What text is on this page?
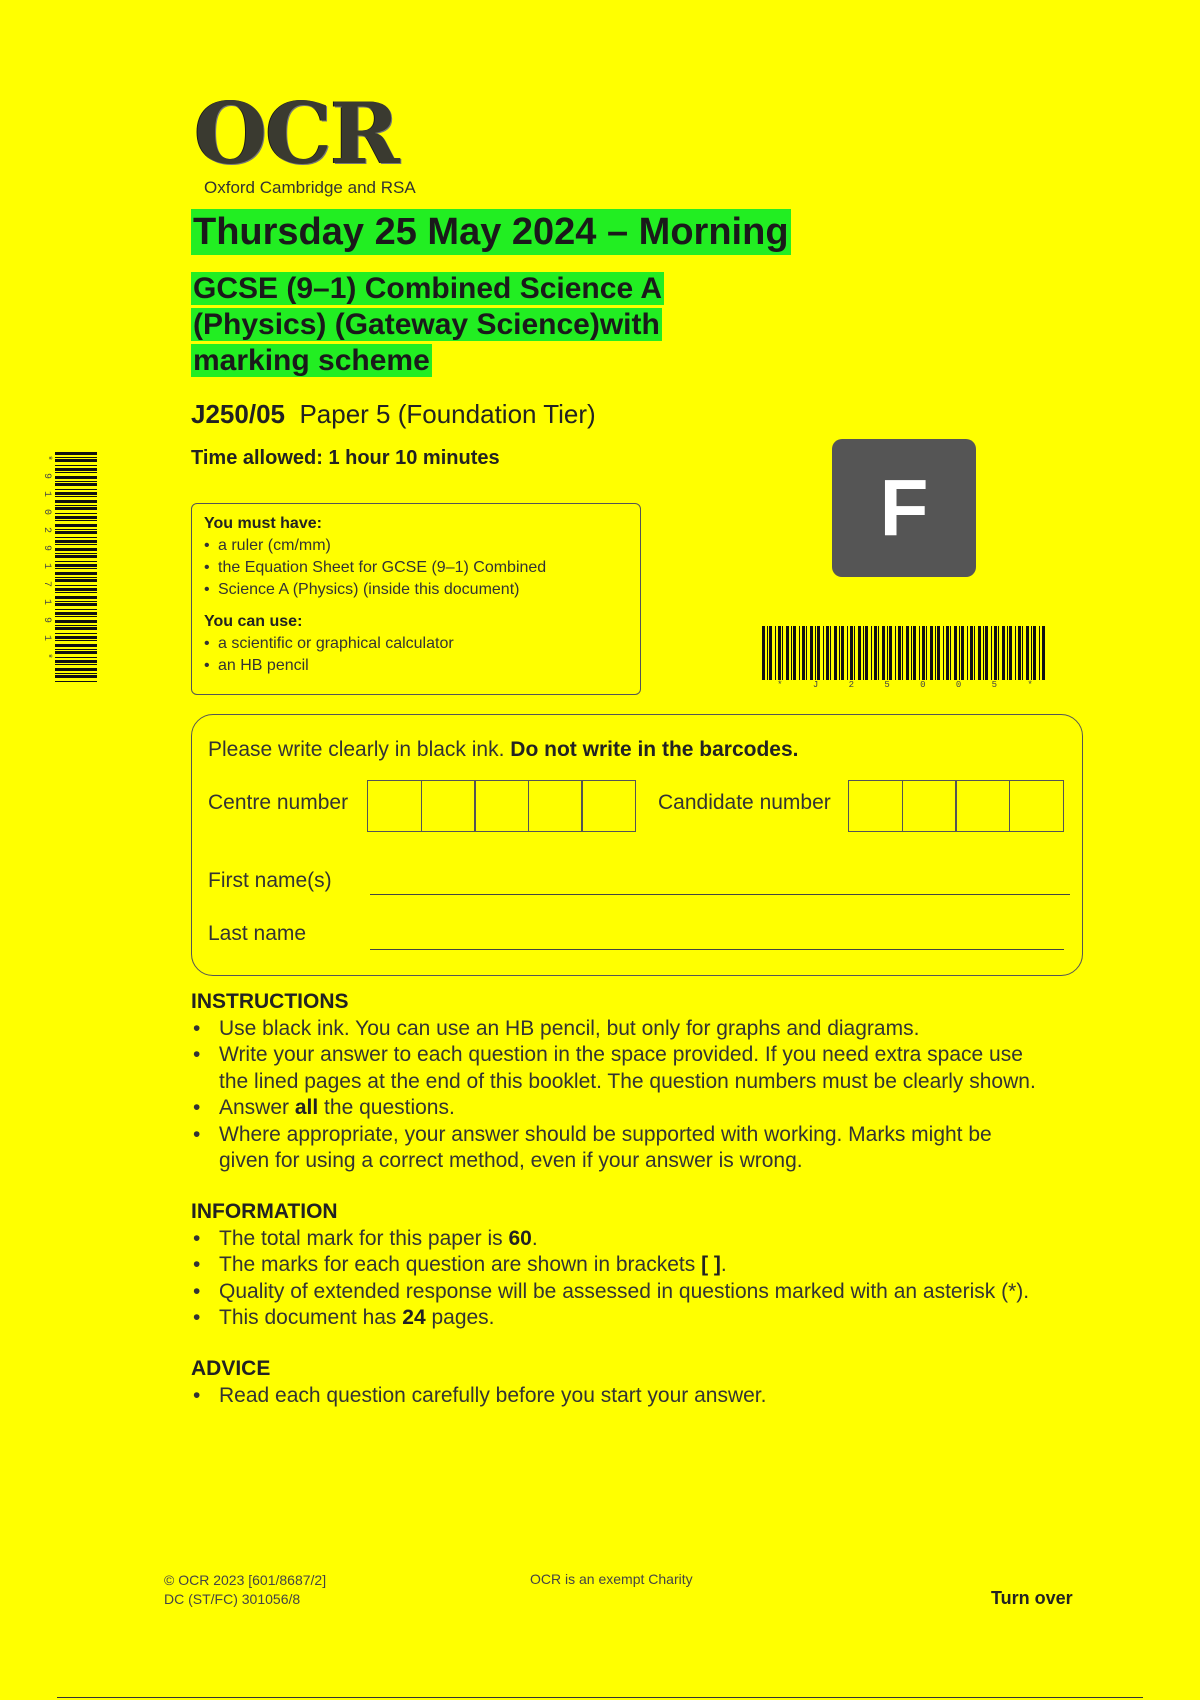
OCR
Oxford Cambridge and RSA
Thursday 25 May 2024 – Morning
GCSE (9–1) Combined Science A
(Physics) (Gateway Science)with
marking scheme
J250/05 Paper 5 (Foundation Tier)
Time allowed: 1 hour 10 minutes
F
* 9 1 0 2 9 1 7 1 9 1 *
*	J	2	5	0	0	5	*
You must have:
• a ruler (cm/mm)
• the Equation Sheet for GCSE (9–1) Combined
• Science A (Physics) (inside this document)
You can use:
• a scientific or graphical calculator
• an HB pencil
Please write clearly in black ink. Do not write in the barcodes.
Centre number	Candidate number
First name(s)
Last name
INSTRUCTIONS
• Use black ink. You can use an HB pencil, but only for graphs and diagrams.
• Write your answer to each question in the space provided. If you need extra space use
the lined pages at the end of this booklet. The question numbers must be clearly shown.
• Answer all the questions.
• Where appropriate, your answer should be supported with working. Marks might be
given for using a correct method, even if your answer is wrong.
INFORMATION
• The total mark for this paper is 60.
• The marks for each question are shown in brackets [ ].
• Quality of extended response will be assessed in questions marked with an asterisk (*).
• This document has 24 pages.
ADVICE
• Read each question carefully before you start your answer.
© OCR 2023 [601/8687/2]
DC (ST/FC) 301056/8
OCR is an exempt Charity
Turn over
